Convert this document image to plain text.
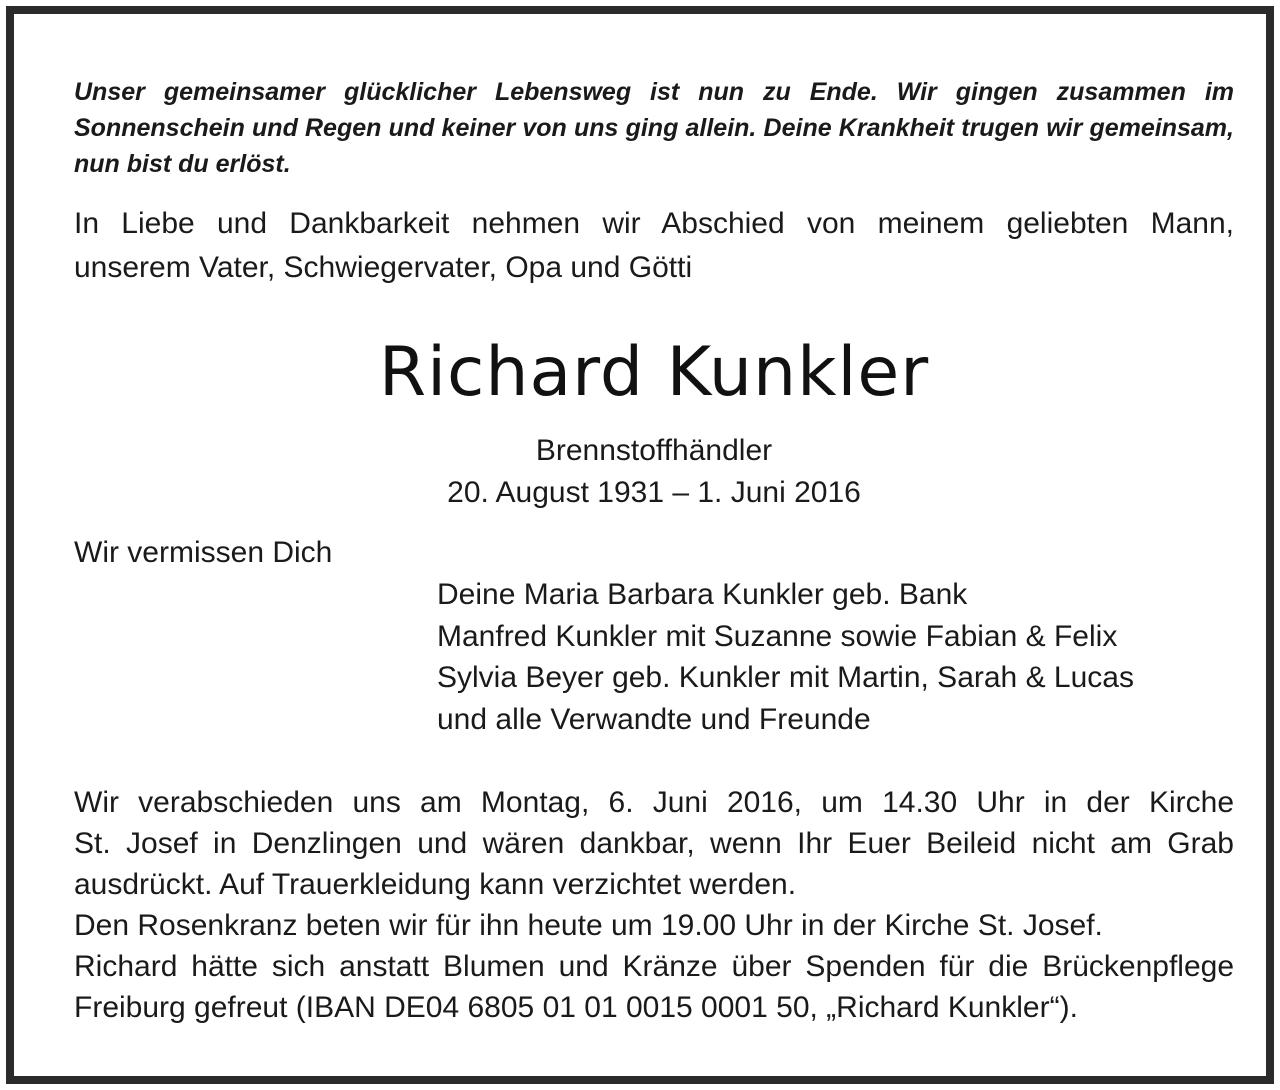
Unser gemeinsamer glücklicher Lebensweg ist nun zu Ende. Wir gingen zusammen im Sonnenschein und Regen und keiner von uns ging allein. Deine Krankheit trugen wir gemeinsam, nun bist du erlöst.

In Liebe und Dankbarkeit nehmen wir Abschied von meinem geliebten Mann,
unserem Vater, Schwiegervater, Opa und Götti

Richard Kunkler

Brennstoffhändler

20. August 1931 – 1. Juni 2016

Wir vermissen Dich

Deine Maria Barbara Kunkler geb. Bank
Manfred Kunkler mit Suzanne sowie Fabian & Felix
Sylvia Beyer geb. Kunkler mit Martin, Sarah & Lucas
und alle Verwandte und Freunde
Wir verabschieden uns am Montag, 6. Juni 2016, um 14.30 Uhr in der Kirche
St. Josef in Denzlingen und wären dankbar, wenn Ihr Euer Beileid nicht am Grab
ausdrückt. Auf Trauerkleidung kann verzichtet werden.
Den Rosenkranz beten wir für ihn heute um 19.00 Uhr in der Kirche St. Josef.
Richard hätte sich anstatt Blumen und Kränze über Spenden für die Brückenpflege
Freiburg gefreut (IBAN DE04 6805 01 01 0015 0001 50, „Richard Kunkler“).
